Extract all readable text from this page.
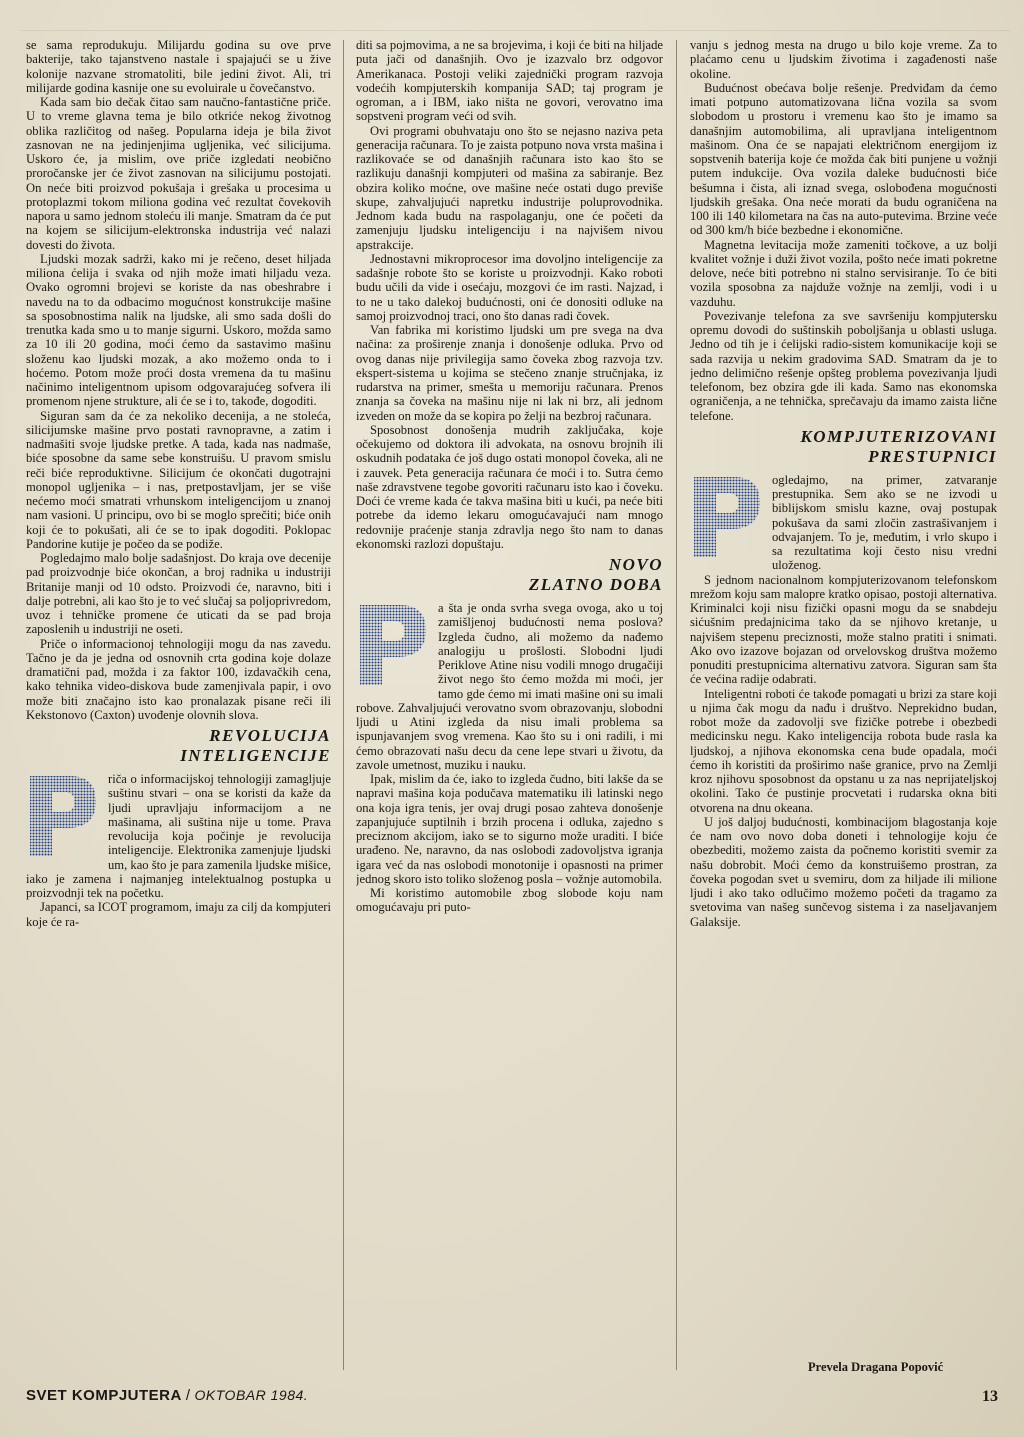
se sama reprodukuju. Milijardu godina su ove prve bakterije, tako tajanstveno nastale i spajajući se u žive kolonije nazvane stromatoliti, bile jedini život. Ali, tri milijarde godina kasnije one su evoluirale u čovečanstvo.

Kada sam bio dečak čitao sam naučno-fantastične priče. U to vreme glavna tema je bilo otkriće nekog životnog oblika različitog od našeg. Popularna ideja je bila život zasnovan ne na jedinjenjima ugljenika, već silicijuma. Uskoro će, ja mislim, ove priče izgledati neobično proročanske jer će život zasnovan na silicijumu postojati. On neće biti proizvod pokušaja i grešaka u procesima u protoplazmi tokom miliona godina već rezultat čovekovih napora u samo jednom stoleću ili manje. Smatram da će put na kojem se silicijum-elektronska industrija već nalazi dovesti do života.

Ljudski mozak sadrži, kako mi je rečeno, deset hiljada miliona ćelija i svaka od njih može imati hiljadu veza. Ovako ogromni brojevi se koriste da nas obeshrabre i navedu na to da odbacimo mogućnost konstrukcije mašine sa sposobnostima nalik na ljudske, ali smo sada došli do trenutka kada smo u to manje sigurni. Uskoro, možda samo za 10 ili 20 godina, moći ćemo da sastavimo mašinu složenu kao ljudski mozak, a ako možemo onda to i hoćemo. Potom može proći dosta vremena da tu mašinu načinimo inteligentnom upisom odgovarajućeg sofvera ili promenom njene strukture, ali će se i to, takođe, dogoditi.

Siguran sam da će za nekoliko decenija, a ne stoleća, silicijumske mašine prvo postati ravnopravne, a zatim i nadmašiti svoje ljudske pretke. A tada, kada nas nadmaše, biće sposobne da same sebe konstruišu. U pravom smislu reči biće reproduktivne. Silicijum će okončati dugotrajni monopol ugljenika – i nas, pretpostavljam, jer se više nećemo moći smatrati vrhunskom inteligencijom u znanoj nam vasioni. U principu, ovo bi se moglo sprečiti; biće onih koji će to pokušati, ali će se to ipak dogoditi. Poklopac Pandorine kutije je počeo da se podiže.

Pogledajmo malo bolje sadašnjost. Do kraja ove decenije pad proizvodnje biće okončan, a broj radnika u industriji Britanije manji od 10 odsto. Proizvodi će, naravno, biti i dalje potrebni, ali kao što je to već slučaj sa poljoprivredom, uvoz i tehničke promene će uticati da se pad broja zaposlenih u industriji ne oseti.

Priče o informacionoj tehnologiji mogu da nas zavedu. Tačno je da je jedna od osnovnih crta godina koje dolaze dramatični pad, možda i za faktor 100, izdavačkih cena, kako tehnika video-diskova bude zamenjivala papir, i ovo može biti značajno isto kao pronalazak pisane reči ili Kekstonovo (Caxton) uvođenje olovnih slova.

REVOLUCIJA
INTELIGENCIJE

riča o informacijskoj tehnologiji zamagljuje suštinu stvari – ona se koristi da kaže da ljudi upravljaju informacijom a ne mašinama, ali suština nije u tome. Prava revolucija koja počinje je revolucija inteligencije. Elektronika zamenjuje ljudski um, kao što je para zamenila ljudske mišice, iako je zamena i najmanjeg intelektualnog postupka u proizvodnji tek na početku.

Japanci, sa ICOT programom, imaju za cilj da kompjuteri koje će ra-

diti sa pojmovima, a ne sa brojevima, i koji će biti na hiljade puta jači od današnjih. Ovo je izazvalo brz odgovor Amerikanaca. Postoji veliki zajednički program razvoja vodećih kompjuterskih kompanija SAD; taj program je ogroman, a i IBM, iako ništa ne govori, verovatno ima sopstveni program veći od svih.

Ovi programi obuhvataju ono što se nejasno naziva peta generacija računara. To je zaista potpuno nova vrsta mašina i razlikovaće se od današnjih računara isto kao što se razlikuju današnji kompjuteri od mašina za sabiranje. Bez obzira koliko moćne, ove mašine neće ostati dugo previše skupe, zahvaljujući napretku industrije poluprovodnika. Jednom kada budu na raspolaganju, one će početi da zamenjuju ljudsku inteligenciju i na najvišem nivou apstrakcije.

Jednostavni mikroprocesor ima dovoljno inteligencije za sadašnje robote što se koriste u proizvodnji. Kako roboti budu učili da vide i osećaju, mozgovi će im rasti. Najzad, i to ne u tako dalekoj budućnosti, oni će donositi odluke na samoj proizvodnoj traci, ono što danas radi čovek.

Van fabrika mi koristimo ljudski um pre svega na dva načina: za proširenje znanja i donošenje odluka. Prvo od ovog danas nije privilegija samo čoveka zbog razvoja tzv. ekspert-sistema u kojima se stečeno znanje stručnjaka, iz rudarstva na primer, smešta u memoriju računara. Prenos znanja sa čoveka na mašinu nije ni lak ni brz, ali jednom izveden on može da se kopira po želji na bezbroj računara.

Sposobnost donošenja mudrih zaključaka, koje očekujemo od doktora ili advokata, na osnovu brojnih ili oskudnih podataka će još dugo ostati monopol čoveka, ali ne i zauvek. Peta generacija računara će moći i to. Sutra ćemo naše zdravstvene tegobe govoriti računaru isto kao i čoveku. Doći će vreme kada će takva mašina biti u kući, pa neće biti potrebe da idemo lekaru omogućavajući nam mnogo redovnije praćenje stanja zdravlja nego što nam to danas ekonomski razlozi dopuštaju.

NOVO
ZLATNO DOBA

a šta je onda svrha svega ovoga, ako u toj zamišljenoj budućnosti nema poslova? Izgleda čudno, ali možemo da nađemo analogiju u prošlosti. Slobodni ljudi Periklove Atine nisu vodili mnogo drugačiji život nego što ćemo možda mi moći, jer tamo gde ćemo mi imati mašine oni su imali robove. Zahvaljujući verovatno svom obrazovanju, slobodni ljudi u Atini izgleda da nisu imali problema sa ispunjavanjem svog vremena. Kao što su i oni radili, i mi ćemo obrazovati našu decu da cene lepe stvari u životu, da zavole umetnost, muziku i nauku.

Ipak, mislim da će, iako to izgleda čudno, biti lakše da se napravi mašina koja podučava matematiku ili latinski nego ona koja igra tenis, jer ovaj drugi posao zahteva donošenje zapanjujuće suptilnih i brzih procena i odluka, zajedno s preciznom akcijom, iako se to sigurno može uraditi. I biće urađeno. Ne, naravno, da nas oslobodi zadovoljstva igranja igara već da nas oslobodi monotonije i opasnosti na primer jednog skoro isto toliko složenog posla – vožnje automobila.

Mi koristimo automobile zbog slobode koju nam omogućavaju pri puto-

vanju s jednog mesta na drugo u bilo koje vreme. Za to plaćamo cenu u ljudskim životima i zagađenosti naše okoline.

Budućnost obećava bolje rešenje. Predviđam da ćemo imati potpuno automatizovana lična vozila sa svom slobodom u prostoru i vremenu kao što je imamo sa današnjim automobilima, ali upravljana inteligentnom mašinom. Ona će se napajati električnom energijom iz sopstvenih baterija koje će možda čak biti punjene u vožnji putem indukcije. Ova vozila daleke budućnosti biće bešumna i čista, ali iznad svega, oslobođena mogućnosti ljudskih grešaka. Ona neće morati da budu ograničena na 100 ili 140 kilometara na čas na auto-putevima. Brzine veće od 300 km/h biće bezbedne i ekonomične.

Magnetna levitacija može zameniti točkove, a uz bolji kvalitet vožnje i duži život vozila, pošto neće imati pokretne delove, neće biti potrebno ni stalno servisiranje. To će biti vozila sposobna za najduže vožnje na zemlji, vodi i u vazduhu.

Povezivanje telefona za sve savršeniju kompjutersku opremu dovodi do suštinskih poboljšanja u oblasti usluga. Jedno od tih je i ćelijski radio-sistem komunikacije koji se sada razvija u nekim gradovima SAD. Smatram da je to jedno delimično rešenje opšteg problema povezivanja ljudi telefonom, bez obzira gde ili kada. Samo nas ekonomska ograničenja, a ne tehnička, sprečavaju da imamo zaista lične telefone.

KOMPJUTERIZOVANI
PRESTUPNICI

ogledajmo, na primer, zatvaranje prestupnika. Sem ako se ne izvodi u biblijskom smislu kazne, ovaj postupak pokušava da sami zločin zastrašivanjem i odvajanjem. To je, međutim, i vrlo skupo i sa rezultatima koji često nisu vredni uloženog.

S jednom nacionalnom kompjuterizovanom telefonskom mrežom koju sam malopre kratko opisao, postoji alternativa. Kriminalci koji nisu fizički opasni mogu da se snabdeju sićušnim predajnicima tako da se njihovo kretanje, u najvišem stepenu preciznosti, može stalno pratiti i snimati. Ako ovo izazove bojazan od orvelovskog društva možemo ponuditi prestupnicima alternativu zatvora. Siguran sam šta će većina radije odabrati.

Inteligentni roboti će takođe pomagati u brizi za stare koji u njima čak mogu da nađu i društvo. Neprekidno budan, robot može da zadovolji sve fizičke potrebe i obezbedi medicinsku negu. Kako inteligencija robota bude rasla ka ljudskoj, a njihova ekonomska cena bude opadala, moći ćemo ih koristiti da proširimo naše granice, prvo na Zemlji kroz njihovu sposobnost da opstanu u za nas neprijateljskoj okolini. Tako će pustinje procvetati i rudarska okna biti otvorena na dnu okeana.

U još daljoj budućnosti, kombinacijom blagostanja koje će nam ovo novo doba doneti i tehnologije koju će obezbediti, možemo zaista da počnemo koristiti svemir za našu dobrobit. Moći ćemo da konstruišemo prostran, za čoveka pogodan svet u svemiru, dom za hiljade ili milione ljudi i ako tako odlučimo možemo početi da tragamo za svetovima van našeg sunčevog sistema i za naseljavanjem Galaksije.

Prevela Dragana Popović
SVET KOMPJUTERA / OKTOBAR 1984.	13
